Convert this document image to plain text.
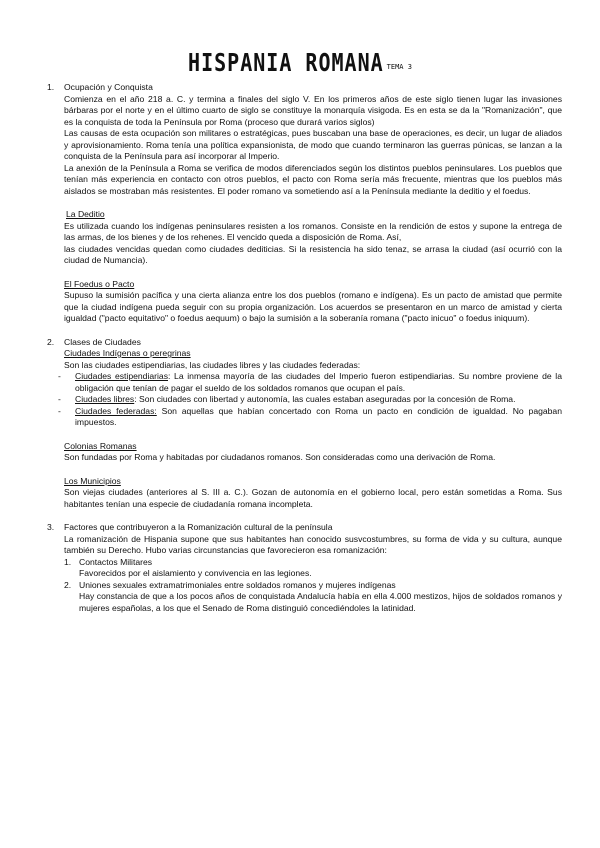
HISPANIA ROMANA TEMA 3
1.	Ocupación y Conquista

Comienza en el año 218 a. C. y termina a finales del siglo V. En los primeros años de este siglo tienen lugar las invasiones bárbaras por el norte y en el último cuarto de siglo se constituye la monarquía visigoda. Es en esta se da la "Romanización", que es la conquista de toda la Península por Roma (proceso que durará varios siglos)

Las causas de esta ocupación son militares o estratégicas, pues buscaban una base de operaciones, es decir, un lugar de aliados y aprovisionamiento. Roma tenía una política expansionista, de modo que cuando terminaron las guerras púnicas, se lanzan a la conquista de la Península para así incorporar al Imperio.

La anexión de la Península a Roma se verifica de modos diferenciados según los distintos pueblos peninsulares. Los pueblos que tenían más experiencia en contacto con otros pueblos, el pacto con Roma sería más frecuente, mientras que los pueblos más aislados se mostraban más resistentes. El poder romano va sometiendo así a la Península mediante la deditio y el foedus.

La Deditio

Es utilizada cuando los indígenas peninsulares resisten a los romanos. Consiste en la rendición de estos y supone la entrega de las armas, de los bienes y de los rehenes. El vencido queda a disposición de Roma. Así,

las ciudades vencidas quedan como ciudades dediticias. Si la resistencia ha sido tenaz, se arrasa la ciudad (así ocurrió con la ciudad de Numancia).

El Foedus o Pacto

Supuso la sumisión pacífica y una cierta alianza entre los dos pueblos (romano e indígena). Es un pacto de amistad que permite que la ciudad indígena pueda seguir con su propia organización. Los acuerdos se presentaron en un marco de amistad y cierta igualdad ("pacto equitativo" o foedus aequum) o bajo la sumisión a la soberanía romana ("pacto inicuo" o foedus iniquum).

2.	Clases de Ciudades

Ciudades Indígenas o peregrinas

Son las ciudades estipendiarias, las ciudades libres y las ciudades federadas:

-	Ciudades estipendiarias: La inmensa mayoría de las ciudades del Imperio fueron estipendiarias. Su nombre proviene de la obligación que tenían de pagar el sueldo de los soldados romanos que ocupan el país.
-	Ciudades libres: Son ciudades con libertad y autonomía, las cuales estaban aseguradas por la concesión de Roma.
-	Ciudades federadas: Son aquellas que habían concertado con Roma un pacto en condición de igualdad. No pagaban impuestos.

Colonias Romanas

Son fundadas por Roma y habitadas por ciudadanos romanos. Son consideradas como una derivación de Roma.

Los Municipios

Son viejas ciudades (anteriores al S. III a. C.). Gozan de autonomía en el gobierno local, pero están sometidas a Roma. Sus habitantes tenían una especie de ciudadanía romana incompleta.

3.	Factores que contribuyeron a la Romanización cultural de la península

La romanización de Hispania supone que sus habitantes han conocido susvcostumbres, su forma de vida y su cultura, aunque también su Derecho. Hubo varias circunstancias que favorecieron esa romanización:

1. Contactos Militares

Favorecidos por el aislamiento y convivencia en las legiones.

2. Uniones sexuales extramatrimoniales entre soldados romanos y mujeres indígenas

Hay constancia de que a los pocos años de conquistada Andalucía había en ella 4.000 mestizos, hijos de soldados romanos y mujeres españolas, a los que el Senado de Roma distinguió concediéndoles la latinidad.
